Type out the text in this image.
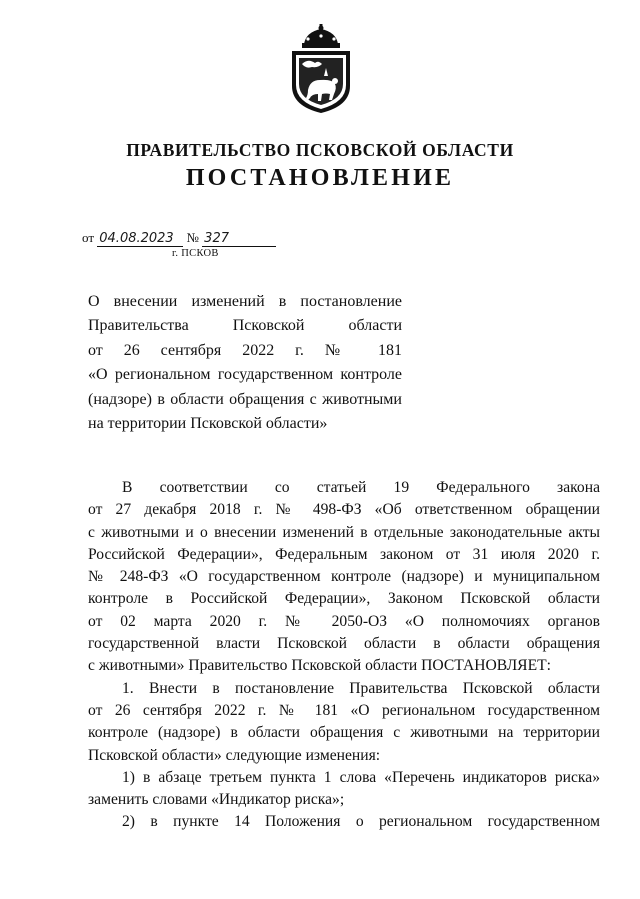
ПРАВИТЕЛЬСТВО ПСКОВСКОЙ ОБЛАСТИ
ПОСТАНОВЛЕНИЕ
от 04.08.2023 № 327
г. ПСКОВ
О внесении изменений в постановление
Правительства Псковской области
от 26 сентября 2022 г. № 181
«О региональном государственном контроле
(надзоре) в области обращения с животными
на территории Псковской области»
В соответствии со статьей 19 Федерального закона
от 27 декабря 2018 г. № 498-ФЗ «Об ответственном обращении
с животными и о внесении изменений в отдельные законодательные акты
Российской Федерации», Федеральным законом от 31 июля 2020 г.
№ 248-ФЗ «О государственном контроле (надзоре) и муниципальном
контроле в Российской Федерации», Законом Псковской области
от 02 марта 2020 г. № 2050-ОЗ «О полномочиях органов
государственной власти Псковской области в области обращения
с животными» Правительство Псковской области ПОСТАНОВЛЯЕТ:
1. Внести в постановление Правительства Псковской области
от 26 сентября 2022 г. № 181 «О региональном государственном
контроле (надзоре) в области обращения с животными на территории
Псковской области» следующие изменения:
1) в абзаце третьем пункта 1 слова «Перечень индикаторов риска»
заменить словами «Индикатор риска»;
2) в пункте 14 Положения о региональном государственном
